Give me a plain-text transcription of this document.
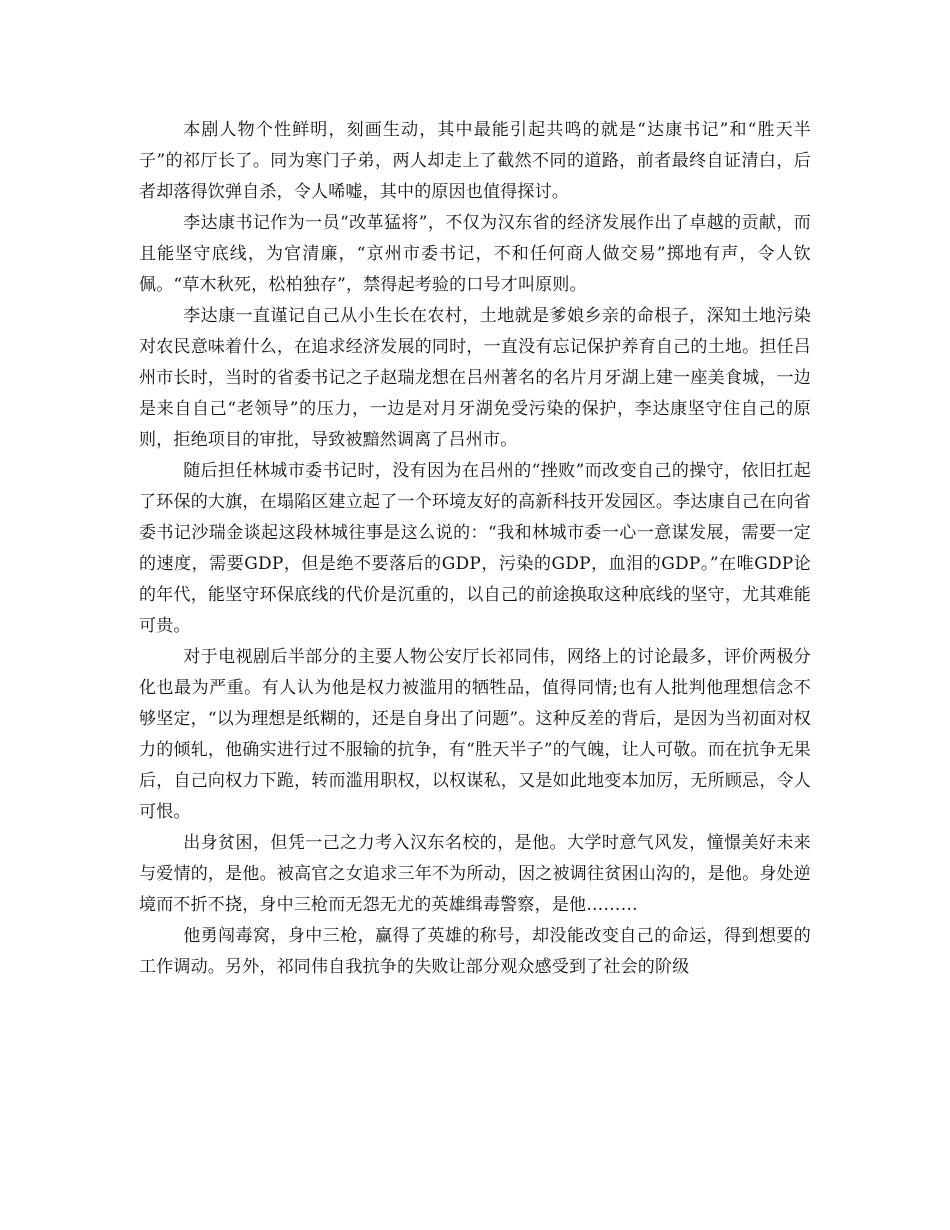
本剧人物个性鲜明，刻画生动，其中最能引起共鸣的就是“达康书记”和“胜天半子”的祁厅长了。同为寒门子弟，两人却走上了截然不同的道路，前者最终自证清白，后者却落得饮弹自杀，令人唏嘘，其中的原因也值得探讨。

李达康书记作为一员“改革猛将”，不仅为汉东省的经济发展作出了卓越的贡献，而且能坚守底线，为官清廉，“京州市委书记，不和任何商人做交易”掷地有声，令人钦佩。“草木秋死，松柏独存”，禁得起考验的口号才叫原则。

李达康一直谨记自己从小生长在农村，土地就是爹娘乡亲的命根子，深知土地污染对农民意味着什么，在追求经济发展的同时，一直没有忘记保护养育自己的土地。担任吕州市长时，当时的省委书记之子赵瑞龙想在吕州著名的名片月牙湖上建一座美食城，一边是来自自己“老领导”的压力，一边是对月牙湖免受污染的保护，李达康坚守住自己的原则，拒绝项目的审批，导致被黯然调离了吕州市。

随后担任林城市委书记时，没有因为在吕州的“挫败”而改变自己的操守，依旧扛起了环保的大旗，在塌陷区建立起了一个环境友好的高新科技开发园区。李达康自己在向省委书记沙瑞金谈起这段林城往事是这么说的：“我和林城市委一心一意谋发展，需要一定的速度，需要GDP，但是绝不要落后的GDP，污染的GDP，血泪的GDP。”在唯GDP论的年代，能坚守环保底线的代价是沉重的，以自己的前途换取这种底线的坚守，尤其难能可贵。

对于电视剧后半部分的主要人物公安厅长祁同伟，网络上的讨论最多，评价两极分化也最为严重。有人认为他是权力被滥用的牺牲品，值得同情;也有人批判他理想信念不够坚定，“以为理想是纸糊的，还是自身出了问题”。这种反差的背后，是因为当初面对权力的倾轧，他确实进行过不服输的抗争，有“胜天半子”的气魄，让人可敬。而在抗争无果后，自己向权力下跪，转而滥用职权，以权谋私，又是如此地变本加厉，无所顾忌，令人可恨。

出身贫困，但凭一己之力考入汉东名校的，是他。大学时意气风发，憧憬美好未来与爱情的，是他。被高官之女追求三年不为所动，因之被调往贫困山沟的，是他。身处逆境而不折不挠，身中三枪而无怨无尤的英雄缉毒警察，是他………

他勇闯毒窝，身中三枪，赢得了英雄的称号，却没能改变自己的命运，得到想要的工作调动。另外，祁同伟自我抗争的失败让部分观众感受到了社会的阶级
